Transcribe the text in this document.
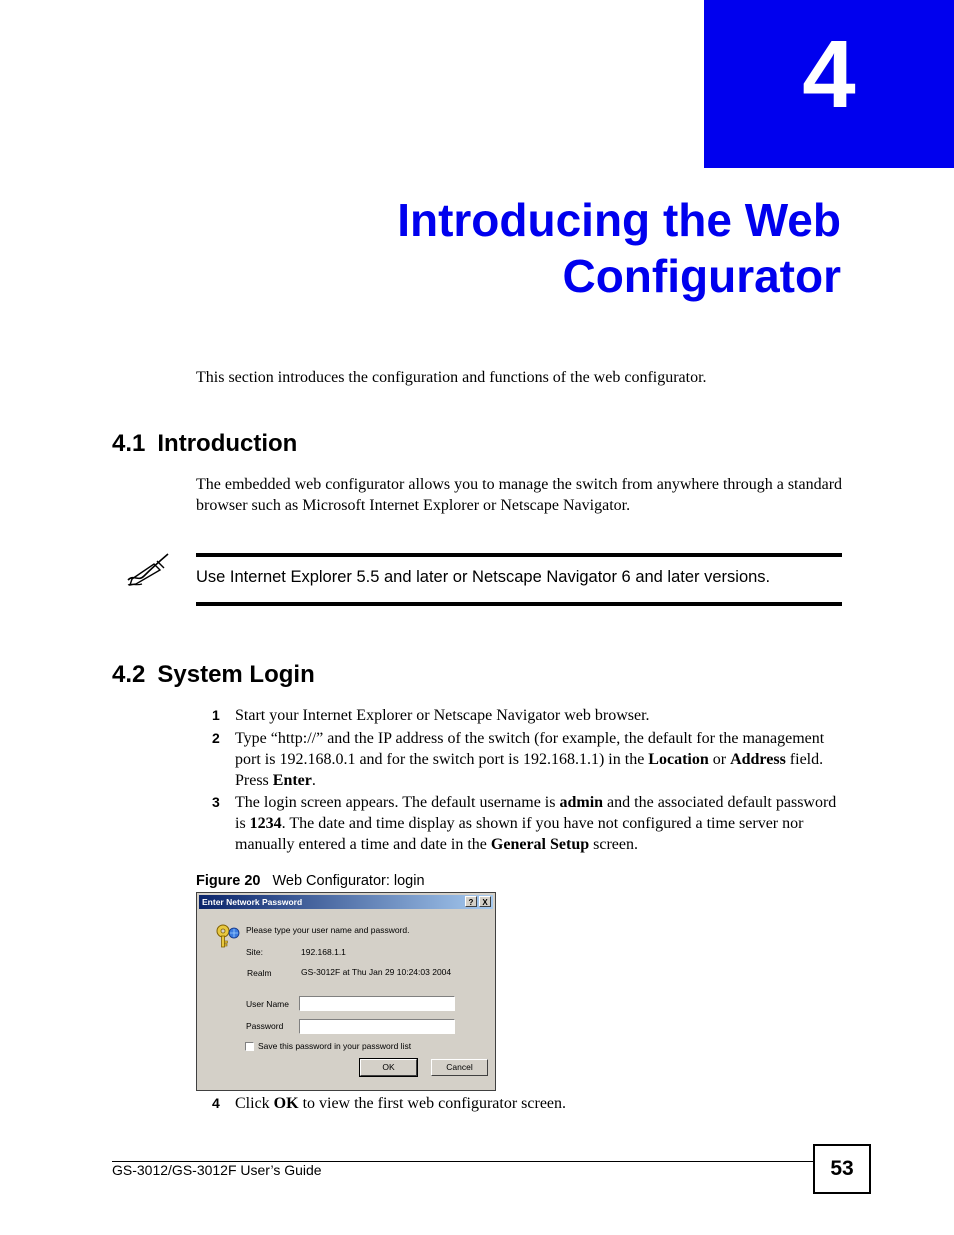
4
Introducing the Web
Configurator
This section introduces the configuration and functions of the web configurator.
4.1 Introduction
The embedded web configurator allows you to manage the switch from anywhere through a standard browser such as Microsoft Internet Explorer or Netscape Navigator.
Use Internet Explorer 5.5 and later or Netscape Navigator 6 and later versions.
4.2 System Login
1 Start your Internet Explorer or Netscape Navigator web browser.
2 Type “http://” and the IP address of the switch (for example, the default for the management port is 192.168.0.1 and for the switch port is 192.168.1.1) in the Location or Address field. Press Enter.
3 The login screen appears. The default username is admin and the associated default password is 1234. The date and time display as shown if you have not configured a time server nor manually entered a time and date in the General Setup screen.
4 Click OK to view the first web configurator screen.
Figure 20 Web Configurator: login
Enter Network Password	?	X
Please type your user name and password.
Site:	192.168.1.1
Realm	GS-3012F at Thu Jan 29 10:24:03 2004
User Name
Password
Save this password in your password list
OK	Cancel
GS-3012/GS-3012F User’s Guide	53
